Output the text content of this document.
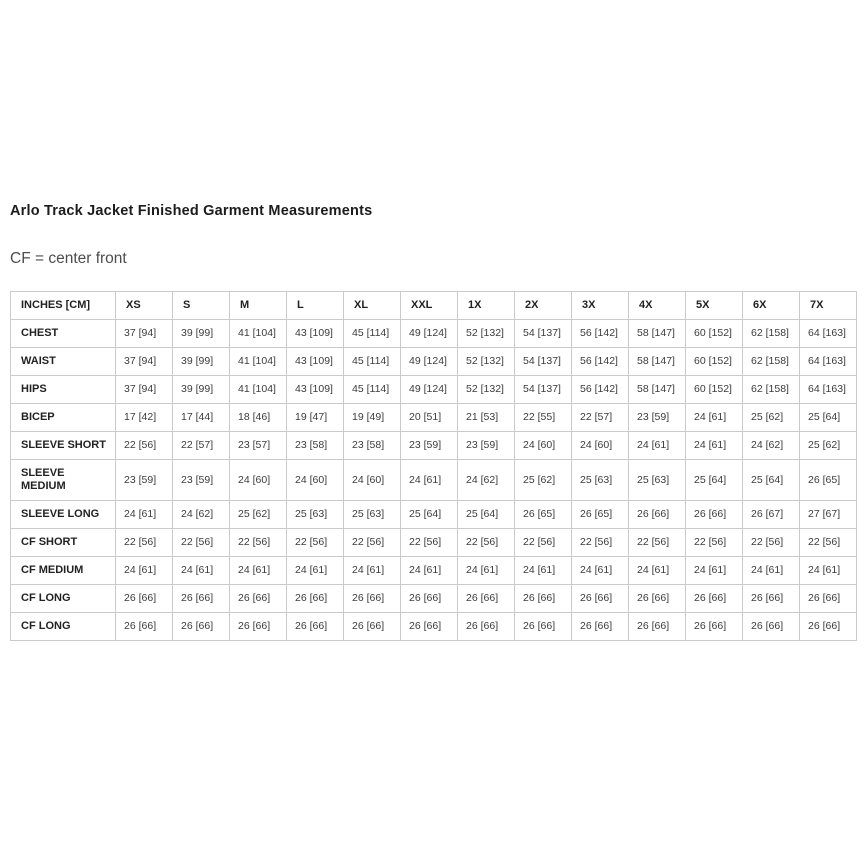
Arlo Track Jacket Finished Garment Measurements
CF = center front
INCHES [CM]	XS	S	M	L	XL	XXL	1X	2X	3X	4X	5X	6X	7X
CHEST	37 [94]	39 [99]	41 [104]	43 [109]	45 [114]	49 [124]	52 [132]	54 [137]	56 [142]	58 [147]	60 [152]	62 [158]	64 [163]
WAIST	37 [94]	39 [99]	41 [104]	43 [109]	45 [114]	49 [124]	52 [132]	54 [137]	56 [142]	58 [147]	60 [152]	62 [158]	64 [163]
HIPS	37 [94]	39 [99]	41 [104]	43 [109]	45 [114]	49 [124]	52 [132]	54 [137]	56 [142]	58 [147]	60 [152]	62 [158]	64 [163]
BICEP	17 [42]	17 [44]	18 [46]	19 [47]	19 [49]	20 [51]	21 [53]	22 [55]	22 [57]	23 [59]	24 [61]	25 [62]	25 [64]
SLEEVE SHORT	22 [56]	22 [57]	23 [57]	23 [58]	23 [58]	23 [59]	23 [59]	24 [60]	24 [60]	24 [61]	24 [61]	24 [62]	25 [62]
SLEEVE MEDIUM	23 [59]	23 [59]	24 [60]	24 [60]	24 [60]	24 [61]	24 [62]	25 [62]	25 [63]	25 [63]	25 [64]	25 [64]	26 [65]
SLEEVE LONG	24 [61]	24 [62]	25 [62]	25 [63]	25 [63]	25 [64]	25 [64]	26 [65]	26 [65]	26 [66]	26 [66]	26 [67]	27 [67]
CF SHORT	22 [56]	22 [56]	22 [56]	22 [56]	22 [56]	22 [56]	22 [56]	22 [56]	22 [56]	22 [56]	22 [56]	22 [56]	22 [56]
CF MEDIUM	24 [61]	24 [61]	24 [61]	24 [61]	24 [61]	24 [61]	24 [61]	24 [61]	24 [61]	24 [61]	24 [61]	24 [61]	24 [61]
CF LONG	26 [66]	26 [66]	26 [66]	26 [66]	26 [66]	26 [66]	26 [66]	26 [66]	26 [66]	26 [66]	26 [66]	26 [66]	26 [66]
CF LONG	26 [66]	26 [66]	26 [66]	26 [66]	26 [66]	26 [66]	26 [66]	26 [66]	26 [66]	26 [66]	26 [66]	26 [66]	26 [66]
